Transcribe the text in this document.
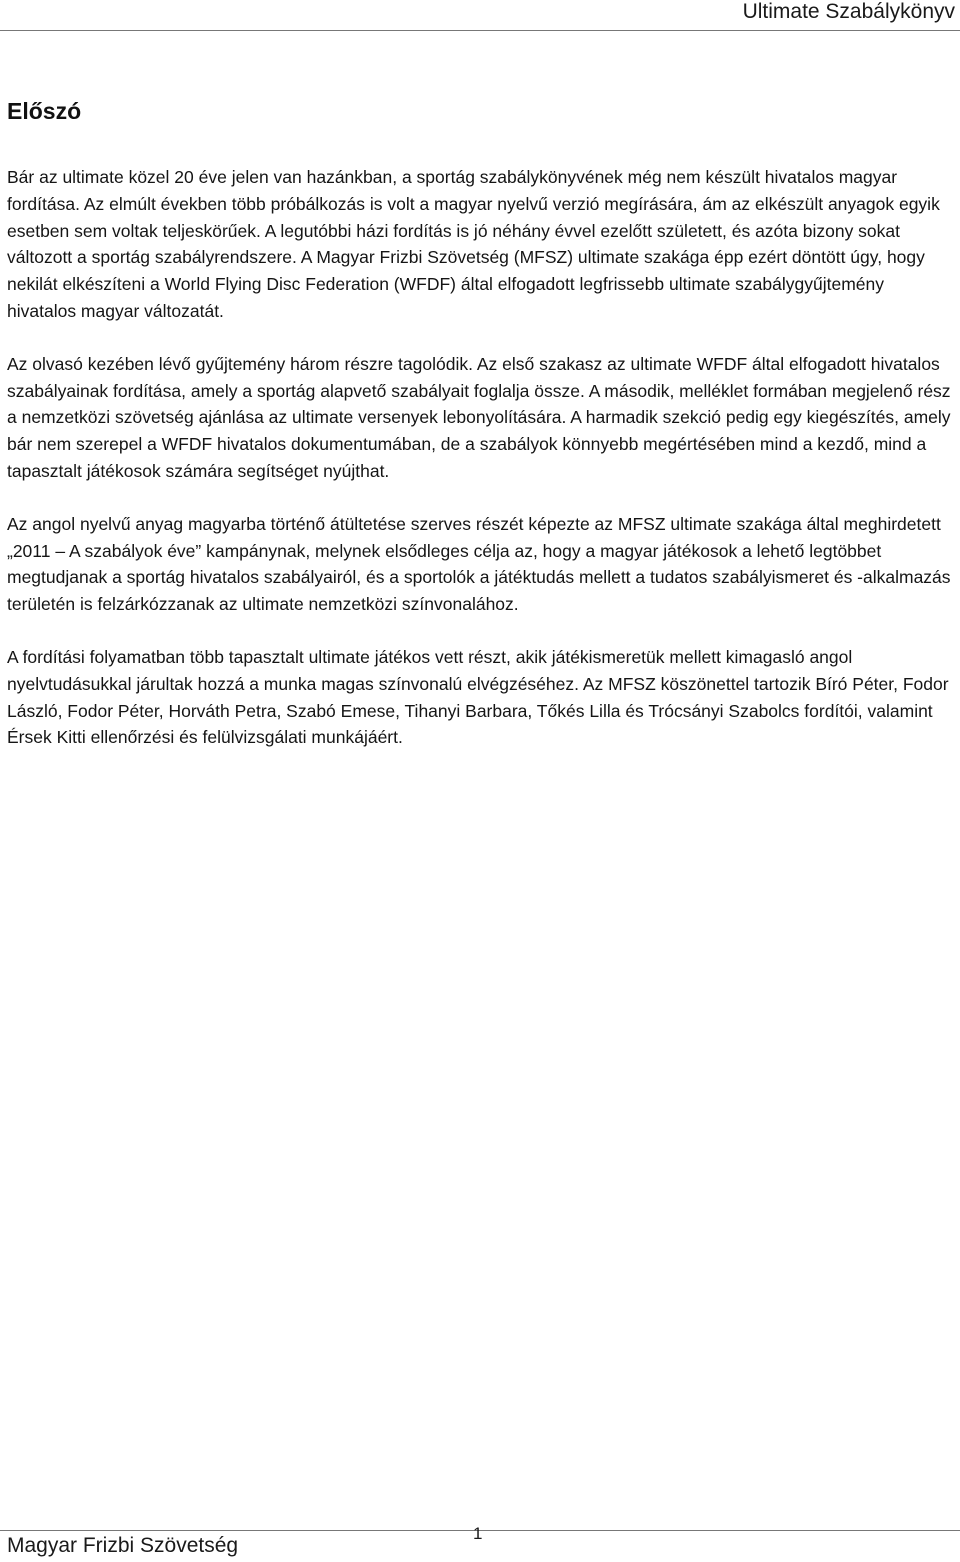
Ultimate Szabálykönyv
Előszó

Bár az ultimate közel 20 éve jelen van hazánkban, a sportág szabálykönyvének még nem készült hivatalos magyar fordítása. Az elmúlt években több próbálkozás is volt a magyar nyelvű verzió megírására, ám az elkészült anyagok egyik esetben sem voltak teljeskörűek. A legutóbbi házi fordítás is jó néhány évvel ezelőtt született, és azóta bizony sokat változott a sportág szabályrendszere. A Magyar Frizbi Szövetség (MFSZ) ultimate szakága épp ezért döntött úgy, hogy nekilát elkészíteni a World Flying Disc Federation (WFDF) által elfogadott legfrissebb ultimate szabálygyűjtemény hivatalos magyar változatát.

Az olvasó kezében lévő gyűjtemény három részre tagolódik. Az első szakasz az ultimate WFDF által elfogadott hivatalos szabályainak fordítása, amely a sportág alapvető szabályait foglalja össze. A második, melléklet formában megjelenő rész a nemzetközi szövetség ajánlása az ultimate versenyek lebonyolítására. A harmadik szekció pedig egy kiegészítés, amely bár nem szerepel a WFDF hivatalos dokumentumában, de a szabályok könnyebb megértésében mind a kezdő, mind a tapasztalt játékosok számára segítséget nyújthat.

Az angol nyelvű anyag magyarba történő átültetése szerves részét képezte az MFSZ ultimate szakága által meghirdetett „2011 – A szabályok éve” kampánynak, melynek elsődleges célja az, hogy a magyar játékosok a lehető legtöbbet megtudjanak a sportág hivatalos szabályairól, és a sportolók a játéktudás mellett a tudatos szabályismeret és -alkalmazás területén is felzárkózzanak az ultimate nemzetközi színvonalához.

A fordítási folyamatban több tapasztalt ultimate játékos vett részt, akik játékismeretük mellett kimagasló angol nyelvtudásukkal járultak hozzá a munka magas színvonalú elvégzéséhez. Az MFSZ köszönettel tartozik Bíró Péter, Fodor László, Fodor Péter, Horváth Petra, Szabó Emese, Tihanyi Barbara, Tőkés Lilla és Trócsányi Szabolcs fordítói, valamint Érsek Kitti ellenőrzési és felülvizsgálati munkájáért.

Magyar Frizbi Szövetség
1
